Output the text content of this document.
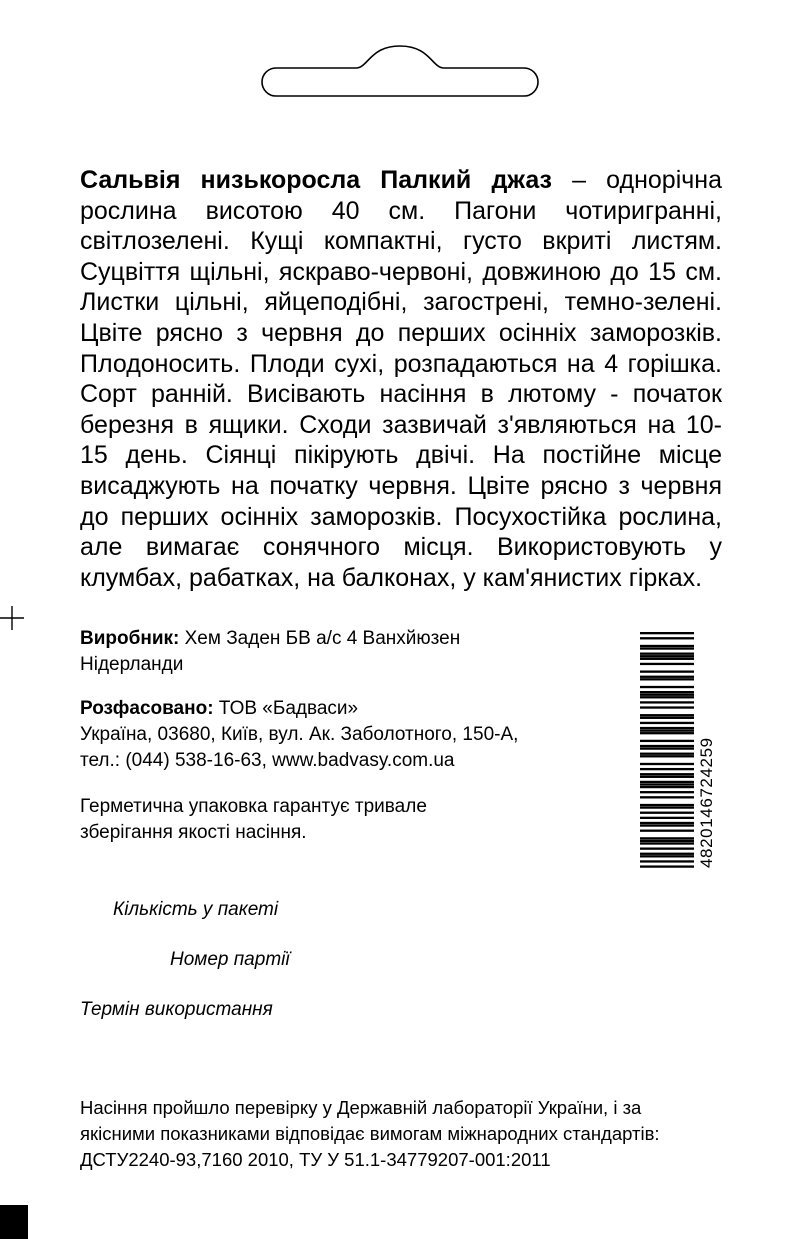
Сальвія низькоросла Палкий джаз – однорічна рослина висотою 40 см. Пагони чотиригранні, світлозелені. Кущі компактні, густо вкриті листям. Суцвіття щільні, яскраво-червоні, довжиною до 15 см. Листки цільні, яйцеподібні, загострені, темно-зелені. Цвіте рясно з червня до перших осінніх заморозків. Плодоносить. Плоди сухі, розпадаються на 4 горішка. Сорт ранній. Висівають насіння в лютому - початок березня в ящики. Сходи зазвичай з'являються на 10-15 день. Сіянці пікірують двічі. На постійне місце висаджують на початку червня. Цвіте рясно з червня до перших осінніх заморозків. Посухостійка рослина, але вимагає сонячного місця. Використовують у клумбах, рабатках, на балконах, у кам'янистих гірках.

Виробник: Хем Заден БВ а/с 4 Ванхйюзен
Нідерланди

Розфасовано: ТОВ «Бадваси»
Україна, 03680, Київ, вул. Ак. Заболотного, 150-А,
тел.: (044) 538-16-63, www.badvasy.com.ua

Герметична упаковка гарантує тривале
зберігання якості насіння.	4820146724259

Кількість у пакеті

Номер партії

Термін використання

Насіння пройшло перевірку у Державній лабораторії України, і за
якісними показниками відповідає вимогам міжнародних стандартів:
ДСТУ2240-93,7160 2010, ТУ У 51.1-34779207-001:2011
